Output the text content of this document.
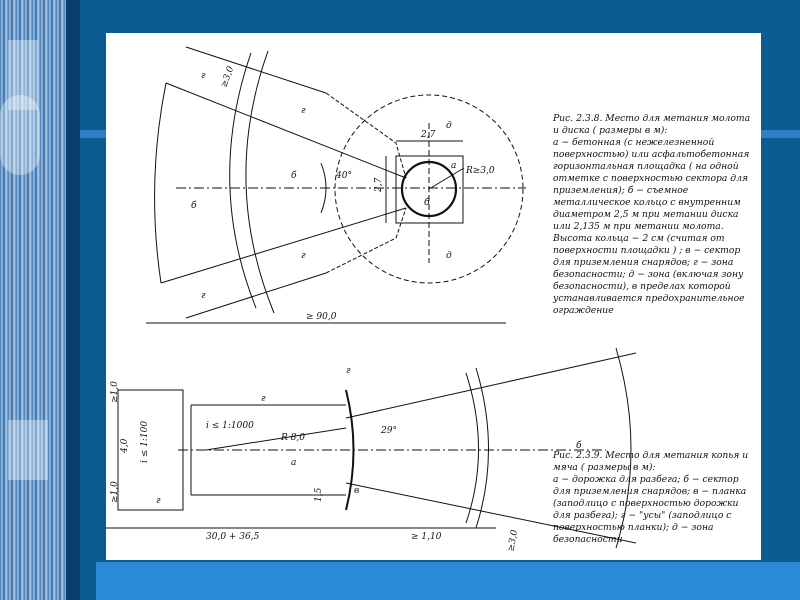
≥3,0
г
г
г
г
б
б	40°
д
д
2,7
2,7
а
б
R≥3,0
≥ 90,0
г
г
i ≤ 1:1000
i ≤ 1:100	R 8,0
29°
а
б
в
г
4,0
≥1,0
≥1,0	1,5
30,0 + 36,5	≥ 1,10	≥3,0
Рис. 2.3.8. Место для метания молота и диска ( размеры в м):
а − бетонная (с нежелезненной поверхностью) или асфальтобетонная горизонтальная площадка ( на одной отметке с поверхностью сектора для приземления); б − съемное металлическое кольцо с внутренним диаметром 2,5 м при метании диска или 2,135 м при метании молота. Высота кольца − 2 см (считая от поверхности площадки ) ; в − сектор для приземления снарядов; г − зона безопасности; д − зона (включая зону безопасности), в пределах которой устанавливается предохранительное ограждение
Рис. 2.3.9. Место для метания копья и мяча ( размеры в м):
а − дорожка для разбега; б − сектор для приземления снарядов; в − планка (заподлицо с поверхностью дорожки для разбега); г − "усы" (заподлицо с поверхностью планки); д − зона безопасности
